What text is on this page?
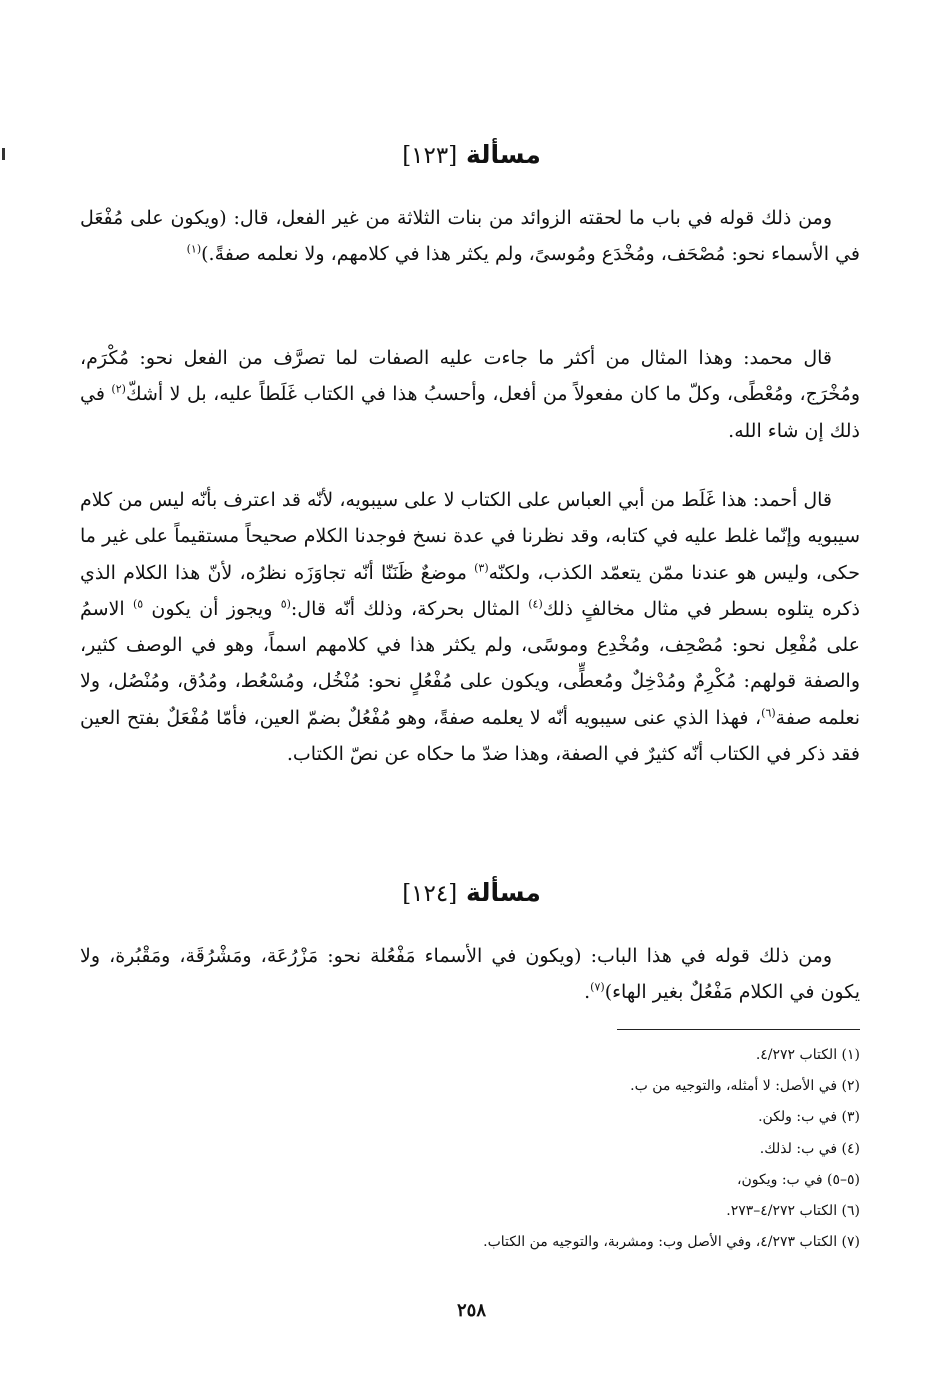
مسألة [١٢٣]

ومن ذلك قوله في باب ما لحقته الزوائد من بنات الثلاثة من غير الفعل، قال: (ويكون على مُفْعَل في الأسماء نحو: مُصْحَف، ومُخْدَع ومُوسىً، ولم يكثر هذا في كلامهم، ولا نعلمه صفةً.)$^{(١)}$

قال محمد: وهذا المثال من أكثر ما جاءت عليه الصفات لما تصرَّف من الفعل نحو: مُكْرَم، ومُخْرَج، ومُعْطًى، وكلّ ما كان مفعولاً من أفعل، وأحسبُ هذا في الكتاب غَلَطاً عليه، بل لا أشكّ$^{(٢)}$ في ذلك إن شاء الله.

قال أحمد: هذا غَلَط من أبي العباس على الكتاب لا على سيبويه، لأنّه قد اعترف بأنّه ليس من كلام سيبويه وإنّما غلط عليه في كتابه، وقد نظرنا في عدة نسخ فوجدنا الكلام صحيحاً مستقيماً على غير ما حكى، وليس هو عندنا ممّن يتعمّد الكذب، ولكنّه$^{(٣)}$ موضعٌ ظَنَنّا أنّه تجاوَزَه نظرُه، لأنّ هذا الكلام الذي ذكره يتلوه بسطر في مثال مخالفٍ ذلك$^{(٤)}$ المثال بحركة، وذلك أنّه قال:$^{(٥}$ ويجوز أن يكون $^{٥)}$ الاسمُ على مُفْعِل نحو: مُصْحِف، ومُخْدِع وموسًى، ولم يكثر هذا في كلامهم اسماً، وهو في الوصف كثير، والصفة قولهم: مُكْرِمٌ ومُدْخِلٌ ومُعطٍّى، ويكون على مُفْعُلٍ نحو: مُنْخُل، ومُسْعُط، ومُدُق، ومُنْصُل، ولا نعلمه صفة$^{(٦)}$، فهذا الذي عنى سيبويه أنّه لا يعلمه صفةً، وهو مُفْعُلٌ بضمّ العين، فأمّا مُفْعَلٌ بفتح العين فقد ذكر في الكتاب أنّه كثيرٌ في الصفة، وهذا ضدّ ما حكاه عن نصّ الكتاب.

مسألة [١٢٤]

ومن ذلك قوله في هذا الباب: (ويكون في الأسماء مَفْعُلة نحو: مَزْرُعَة، ومَشْرُقَة، ومَقْبُرة، ولا يكون في الكلام مَفْعُلٌ بغير الهاء)$^{(٧)}$.

(١) الكتاب ٤/٢٧٢.
(٢) في الأصل: لا أمثله، والتوجيه من ب.
(٣) في ب: ولكن.
(٤) في ب: لذلك.
(٥–٥) في ب: ويكون،
(٦) الكتاب ٤/٢٧٢–٢٧٣.
(٧) الكتاب ٤/٢٧٣، وفي الأصل وب: ومشربة، والتوجيه من الكتاب.
٢٥٨
